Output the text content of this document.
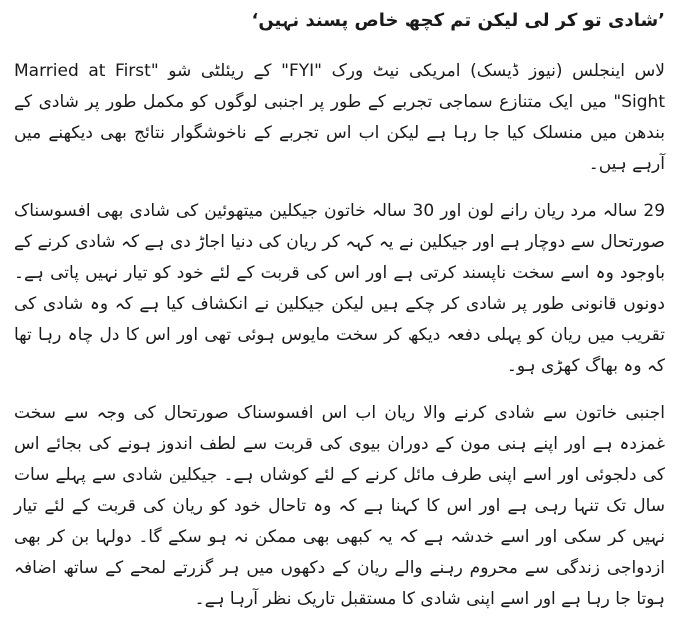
’شادی تو کر لی لیکن تم کچھ خاص پسند نہیں‘

لاس اینجلس (نیوز ڈیسک) امریکی نیٹ ورک "FYI" کے ریئلٹی شو "Married at First Sight" میں ایک متنازع سماجی تجربے کے طور پر اجنبی لوگوں کو مکمل طور پر شادی کے بندھن میں منسلک کیا جا رہا ہے لیکن اب اس تجربے کے ناخوشگوار نتائج بھی دیکھنے میں آرہے ہیں۔

29 سالہ مرد ریان رانے لون اور 30 سالہ خاتون جیکلین میتھوئین کی شادی بھی افسوسناک صورتحال سے دوچار ہے اور جیکلین نے یہ کہہ کر ریان کی دنیا اجاڑ دی ہے کہ شادی کرنے کے باوجود وہ اسے سخت ناپسند کرتی ہے اور اس کی قربت کے لئے خود کو تیار نہیں پاتی ہے۔ دونوں قانونی طور پر شادی کر چکے ہیں لیکن جیکلین نے انکشاف کیا ہے کہ وہ شادی کی تقریب میں ریان کو پہلی دفعہ دیکھ کر سخت مایوس ہوئی تھی اور اس کا دل چاہ رہا تھا کہ وہ بھاگ کھڑی ہو۔

اجنبی خاتون سے شادی کرنے والا ریان اب اس افسوسناک صورتحال کی وجہ سے سخت غمزدہ ہے اور اپنے ہنی مون کے دوران بیوی کی قربت سے لطف اندوز ہونے کی بجائے اس کی دلجوئی اور اسے اپنی طرف مائل کرنے کے لئے کوشاں ہے۔ جیکلین شادی سے پہلے سات سال تک تنہا رہی ہے اور اس کا کہنا ہے کہ وہ تاحال خود کو ریان کی قربت کے لئے تیار نہیں کر سکی اور اسے خدشہ ہے کہ یہ کبھی بھی ممکن نہ ہو سکے گا۔ دولہا بن کر بھی ازدواجی زندگی سے محروم رہنے والے ریان کے دکھوں میں ہر گزرتے لمحے کے ساتھ اضافہ ہوتا جا رہا ہے اور اسے اپنی شادی کا مستقبل تاریک نظر آرہا ہے۔
